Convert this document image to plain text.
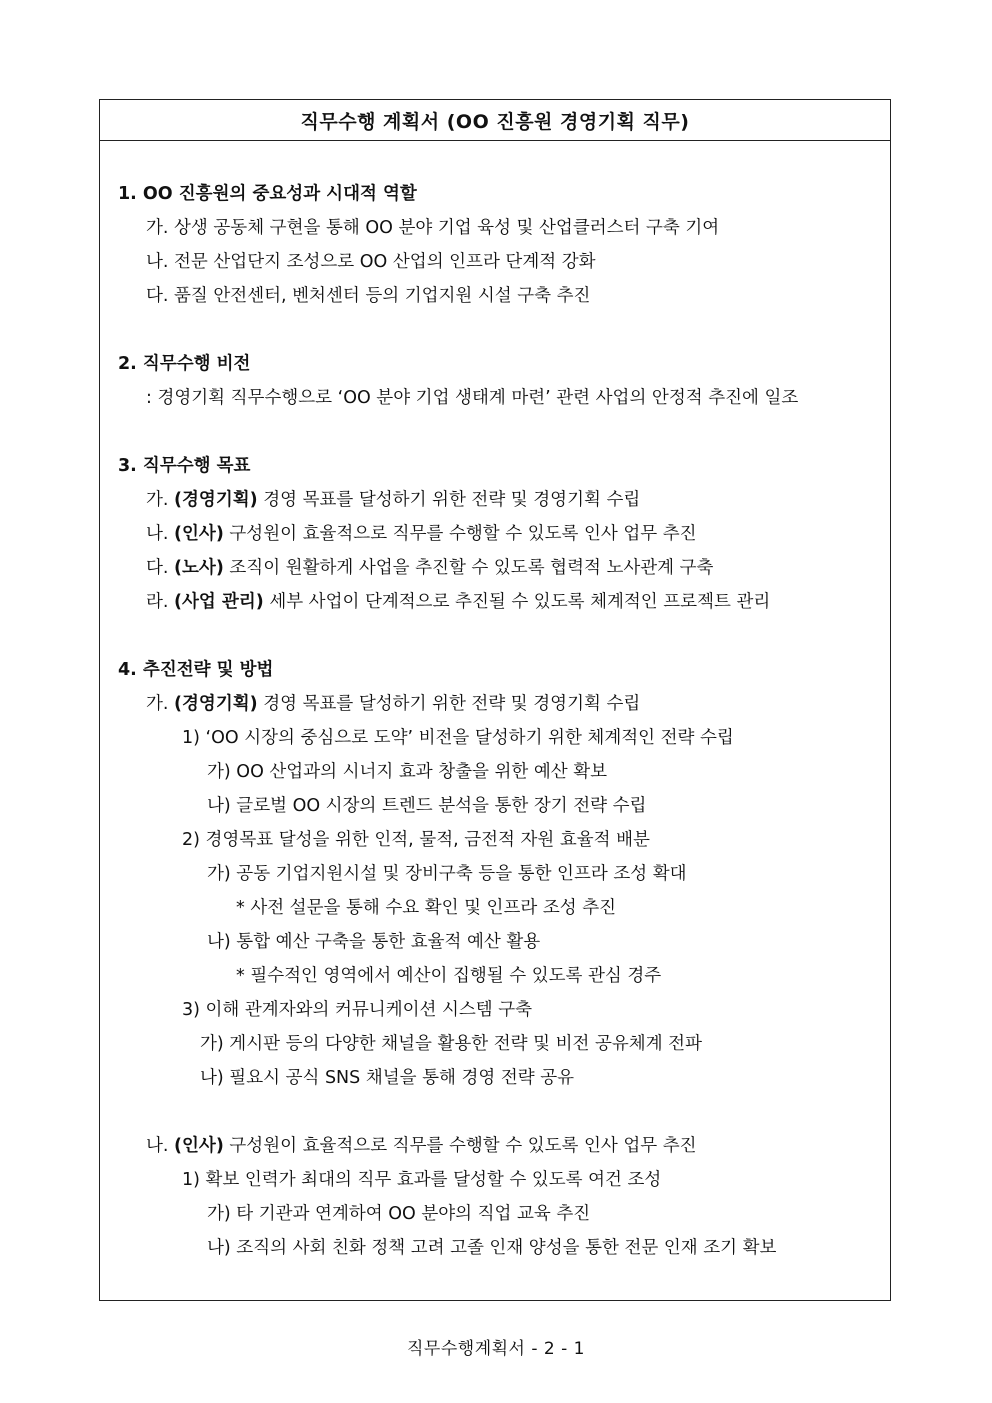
직무수행 계획서 (OO 진흥원 경영기획 직무)
1. OO 진흥원의 중요성과 시대적 역할
가. 상생 공동체 구현을 통해 OO 분야 기업 육성 및 산업클러스터 구축 기여
나. 전문 산업단지 조성으로 OO 산업의 인프라 단계적 강화
다. 품질 안전센터, 벤처센터 등의 기업지원 시설 구축 추진
2. 직무수행 비전
: 경영기획 직무수행으로 ‘OO 분야 기업 생태계 마련’ 관련 사업의 안정적 추진에 일조
3. 직무수행 목표
가. (경영기획) 경영 목표를 달성하기 위한 전략 및 경영기획 수립
나. (인사) 구성원이 효율적으로 직무를 수행할 수 있도록 인사 업무 추진
다. (노사) 조직이 원활하게 사업을 추진할 수 있도록 협력적 노사관계 구축
라. (사업 관리) 세부 사업이 단계적으로 추진될 수 있도록 체계적인 프로젝트 관리
4. 추진전략 및 방법
가. (경영기획) 경영 목표를 달성하기 위한 전략 및 경영기획 수립
1) ‘OO 시장의 중심으로 도약’ 비전을 달성하기 위한 체계적인 전략 수립
가) OO 산업과의 시너지 효과 창출을 위한 예산 확보
나) 글로벌 OO 시장의 트렌드 분석을 통한 장기 전략 수립
2) 경영목표 달성을 위한 인적, 물적, 금전적 자원 효율적 배분
가) 공동 기업지원시설 및 장비구축 등을 통한 인프라 조성 확대
* 사전 설문을 통해 수요 확인 및 인프라 조성 추진
나) 통합 예산 구축을 통한 효율적 예산 활용
* 필수적인 영역에서 예산이 집행될 수 있도록 관심 경주
3) 이해 관계자와의 커뮤니케이션 시스템 구축
가) 게시판 등의 다양한 채널을 활용한 전략 및 비전 공유체계 전파
나) 필요시 공식 SNS 채널을 통해 경영 전략 공유
나. (인사) 구성원이 효율적으로 직무를 수행할 수 있도록 인사 업무 추진
1) 확보 인력가 최대의 직무 효과를 달성할 수 있도록 여건 조성
가) 타 기관과 연계하여 OO 분야의 직업 교육 추진
나) 조직의 사회 친화 정책 고려 고졸 인재 양성을 통한 전문 인재 조기 확보
직무수행계획서 - 2 - 1
